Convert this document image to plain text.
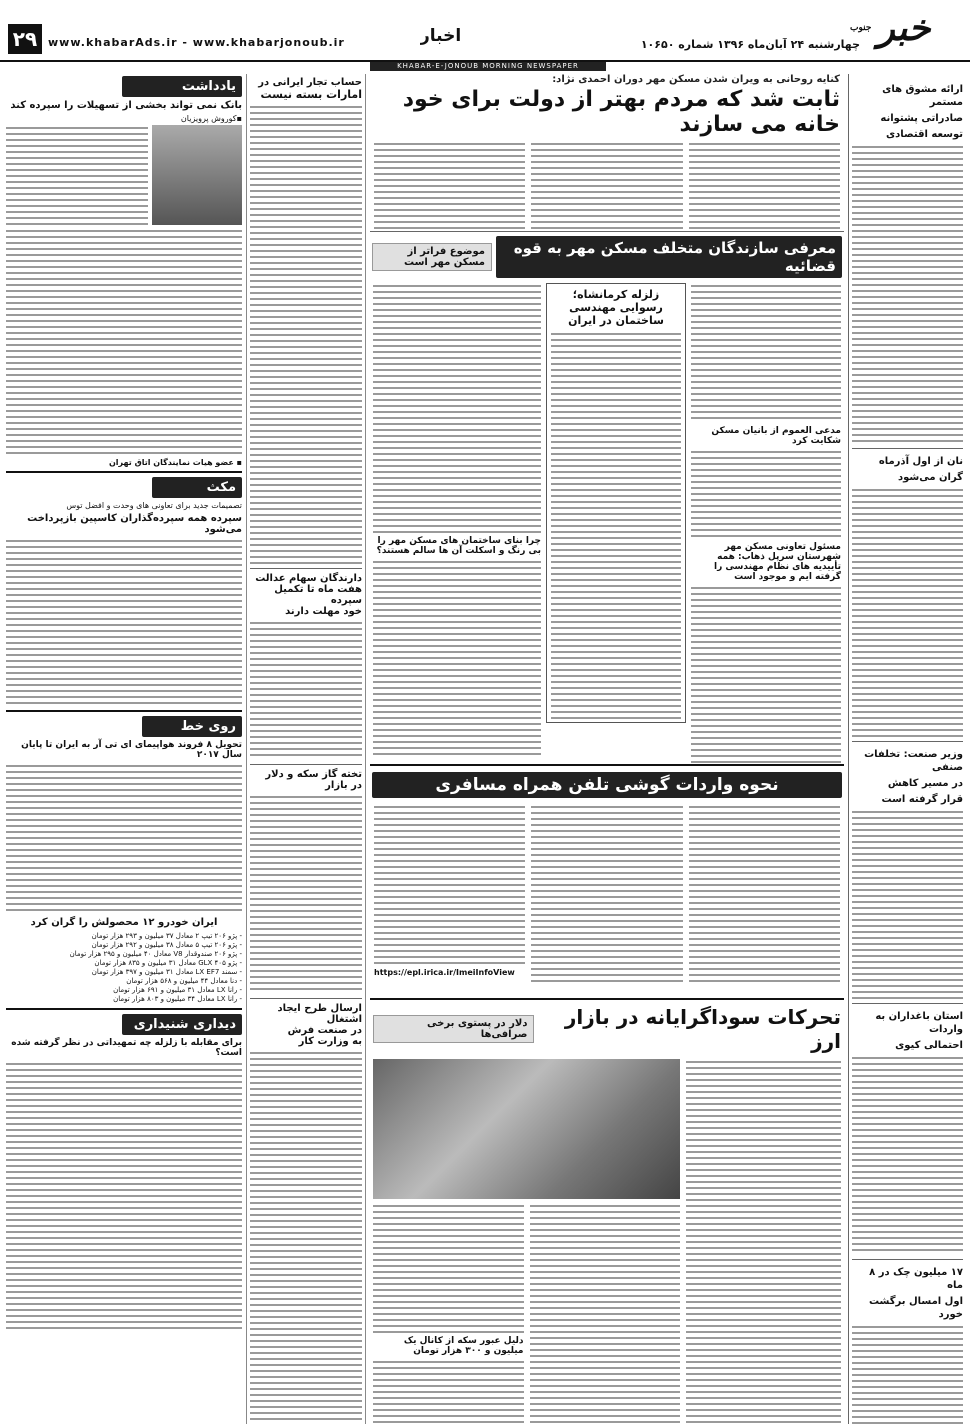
۲۹ www.khabarAds.ir - www.khabarjonoub.ir	اخبار	چهارشنبه ۲۴ آبان‌ماه ۱۳۹۶ شماره ۱۰۶۵۰ خبر
جنوب
KHABAR-E-JONOUB MORNING NEWSPAPER
ارائه مشوق های مستمر
صادراتی پشتوانه
توسعه اقتصادی
نان از اول آذرماه
گران می‌شود
وزیر صنعت: تخلفات صنفی
در مسیر کاهش
قرار گرفته است
استان باغداران به واردات
احتمالی کیوی
۱۷ میلیون چک در ۸ ماه
اول امسال برگشت خورد
کنایه روحانی به ویران شدن مسکن مهر دوران احمدی نژاد:
ثابت شد که مردم بهتر از دولت برای خود خانه می سازند
معرفی سازندگان متخلف مسکن مهر به قوه قضائیه
موضوع فراتر از مسکن مهر است
مدعی العموم از بانیان مسکن شکایت کرد
مسئول تعاونی مسکن مهر شهرستان سرپل ذهاب: همه تأییدیه های نظام مهندسی را گرفته ایم و موجود است
زلزله کرمانشاه؛
رسوایی مهندسی ساختمان در ایران
چرا بنای ساختمان های مسکن مهر را بی رنگ و اسکلت آن ها سالم هستند؟
نحوه واردات گوشی تلفن همراه مسافری
https://epl.irica.ir/ImeiInfoView
تحرکات سوداگرایانه در بازار ارز
دلار در پستوی برخی صرافی‌ها
دلیل عبور سکه از کانال یک میلیون و ۳۰۰ هزار تومان
حساب تجار ایرانی در
امارات بسته نیست
دارندگان سهام عدالت
هفت ماه تا تکمیل سپرده
خود مهلت دارند
تخته گاز سکه و دلار
در بازار
ارسال طرح ایجاد اشتغال
در صنعت فرش
به وزارت کار
یادداشت
بانک نمی تواند بخشی از تسهیلات را سپرده کند
▪کوروش پرویزیان
▪ عضو هیات نمایندگان اتاق تهران
مکث
تصمیمات جدید برای تعاونی های وحدت و افضل توس
سپرده همه سپرده‌گذاران کاسپین بازپرداخت می‌شود
روی خط
تحویل ۸ فروند هواپیمای ای تی آر به ایران تا پایان سال ۲۰۱۷
ایران خودرو ۱۲ محصولش را گران کرد
- پژو ۲۰۶ تیپ ۲ معادل ۳۷ میلیون و ۲۹۳ هزار تومان
- پژو ۲۰۶ تیپ ۵ معادل ۳۸ میلیون و ۲۹۲ هزار تومان
- پژو ۲۰۶ صندوقدار V8 معادل ۴۰ میلیون و ۲۹۵ هزار تومان
- پژو ۴۰۵ GLX معادل ۳۱ میلیون و ۸۳۵ هزار تومان
- سمند LX EF7 معادل ۳۱ میلیون و ۳۹۷ هزار تومان
- دنا معادل ۴۴ میلیون و ۵۶۸ هزار تومان
- رانا LX معادل ۳۱ میلیون و ۶۹۱ هزار تومان
- رانا LX معادل ۳۴ میلیون و ۸۰۳ هزار تومان
دیداری شنیداری
برای مقابله با زلزله چه تمهیداتی در نظر گرفته شده است؟
